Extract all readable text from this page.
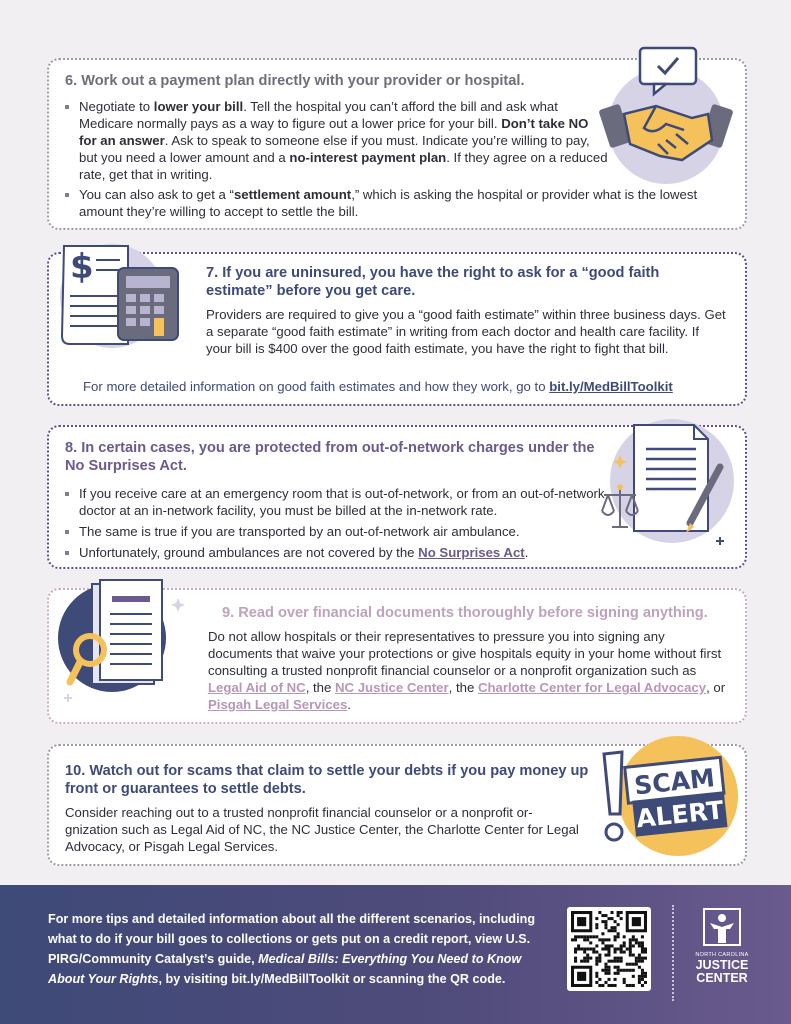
6. Work out a payment plan directly with your provider or hospital.
Negotiate to lower your bill. Tell the hospital you can’t afford the bill and ask what Medicare normally pays as a way to figure out a lower price for your bill. Don’t take NO for an answer. Ask to speak to someone else if you must. Indicate you’re willing to pay, but you need a lower amount and a no-interest payment plan. If they agree on a reduced rate, get that in writing.
You can also ask to get a “settlement amount,” which is asking the hospital or provider what is the lowest amount they’re willing to accept to settle the bill.
7. If you are uninsured, you have the right to ask for a “good faith estimate” before you get care.

Providers are required to give you a “good faith estimate” within three business days. Get a separate “good faith estimate” in writing from each doctor and health care facility. If your bill is $400 over the good faith estimate, you have the right to fight that bill.

For more detailed information on good faith estimates and how they work, go to bit.ly/MedBillToolkit

$
8. In certain cases, you are protected from out-of-network charges under the No Surprises Act.
If you receive care at an emergency room that is out-of-network, or from an out-of-network doctor at an in-network facility, you must be billed at the in-network rate.
The same is true if you are transported by an out-of-network air ambulance.
Unfortunately, ground ambulances are not covered by the No Surprises Act.
9. Read over financial documents thoroughly before signing anything.

Do not allow hospitals or their representatives to pressure you into signing any documents that waive your protections or give hospitals equity in your home without first consulting a trusted nonprofit financial counselor or a nonprofit organization such as Legal Aid of NC, the NC Justice Center, the Charlotte Center for Legal Advocacy, or Pisgah Legal Services.

10. Watch out for scams that claim to settle your debts if you pay money up front or guarantees to settle debts.

Consider reaching out to a trusted nonprofit financial counselor or a nonprofit or-gnization such as Legal Aid of NC, the NC Justice Center, the Charlotte Center for Legal Advocacy, or Pisgah Legal Services.

SCAM
ALERT

For more tips and detailed information about all the different scenarios, including what to do if your bill goes to collections or gets put on a credit report, view U.S. PIRG/Community Catalyst’s guide, Medical Bills: Everything You Need to Know About Your Rights, by visiting bit.ly/MedBillToolkit or scanning the QR code.

NORTH CAROLINA
JUSTICE
CENTER
